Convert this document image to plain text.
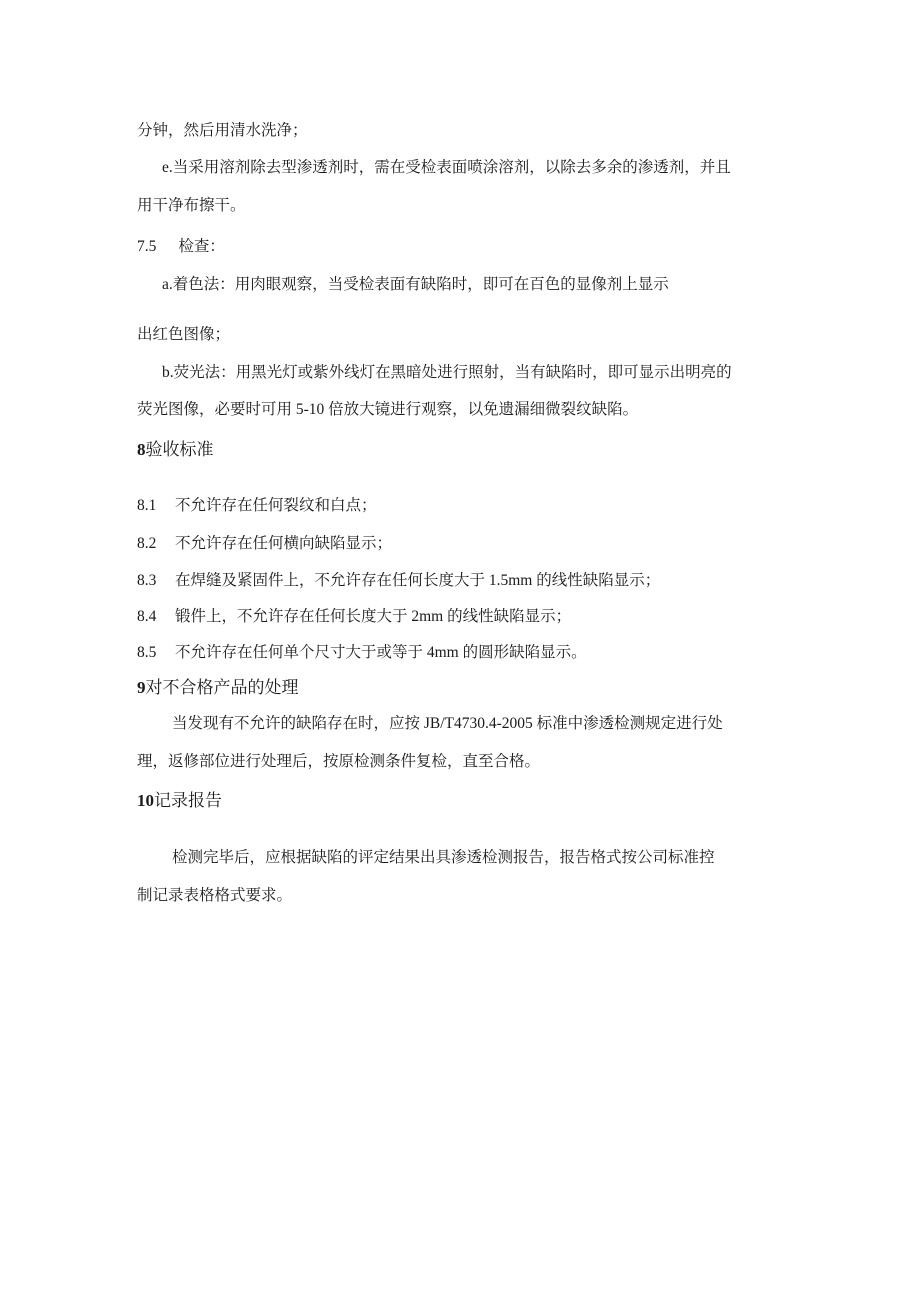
分钟，然后用清水洗净；
e.当采用溶剂除去型渗透剂时，需在受检表面喷涂溶剂，以除去多余的渗透剂，并且
用干净布擦干。
7.5 检查：
a.着色法：用肉眼观察，当受检表面有缺陷时，即可在百色的显像剂上显示
出红色图像；
b.荧光法：用黑光灯或紫外线灯在黑暗处进行照射，当有缺陷时，即可显示出明亮的
荧光图像，必要时可用 5-10 倍放大镜进行观察，以免遗漏细微裂纹缺陷。
8验收标准
8.1 不允许存在任何裂纹和白点；
8.2 不允许存在任何横向缺陷显示；
8.3 在焊缝及紧固件上，不允许存在任何长度大于 1.5mm 的线性缺陷显示；
8.4 锻件上，不允许存在任何长度大于 2mm 的线性缺陷显示；
8.5 不允许存在任何单个尺寸大于或等于 4mm 的圆形缺陷显示。
9对不合格产品的处理
当发现有不允许的缺陷存在时，应按 JB/T4730.4-2005 标准中渗透检测规定进行处
理，返修部位进行处理后，按原检测条件复检，直至合格。
10记录报告
检测完毕后，应根据缺陷的评定结果出具渗透检测报告，报告格式按公司标准控
制记录表格格式要求。
